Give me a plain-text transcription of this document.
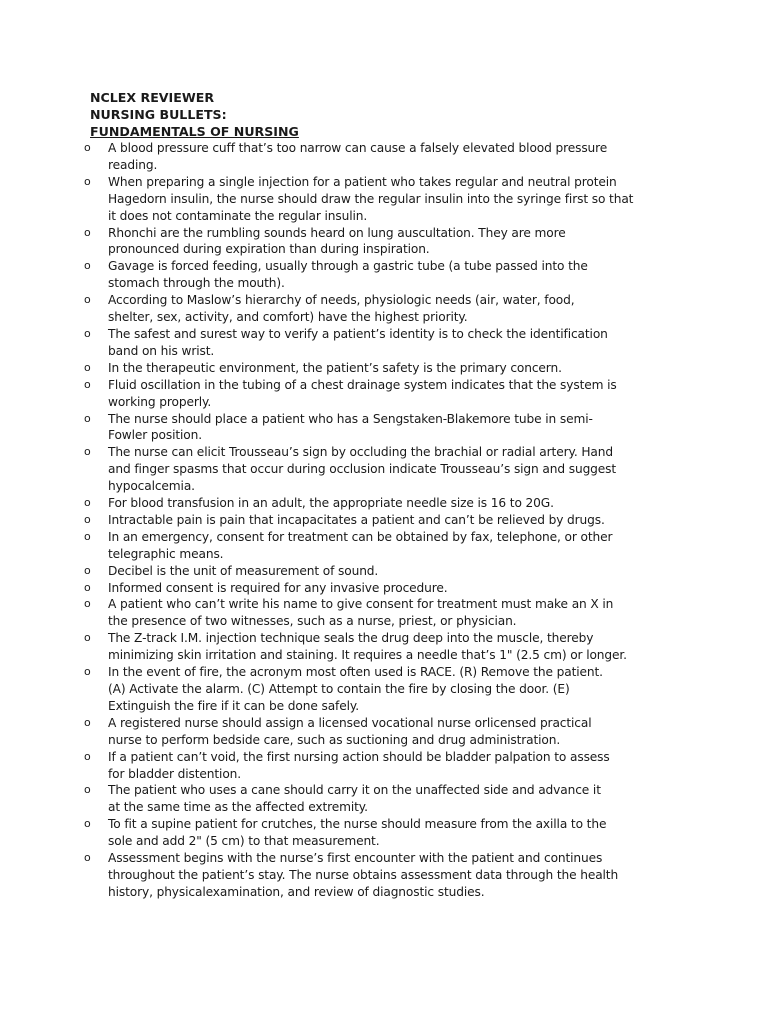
NCLEX REVIEWER
NURSING BULLETS:
FUNDAMENTALS OF NURSING
o A blood pressure cuff that’s too narrow can cause a falsely elevated blood pressure
reading.
o When preparing a single injection for a patient who takes regular and neutral protein
Hagedorn insulin, the nurse should draw the regular insulin into the syringe first so that
it does not contaminate the regular insulin.
o Rhonchi are the rumbling sounds heard on lung auscultation. They are more
pronounced during expiration than during inspiration.
o Gavage is forced feeding, usually through a gastric tube (a tube passed into the
stomach through the mouth).
o According to Maslow’s hierarchy of needs, physiologic needs (air, water, food,
shelter, sex, activity, and comfort) have the highest priority.
o The safest and surest way to verify a patient’s identity is to check the identification
band on his wrist.
o In the therapeutic environment, the patient’s safety is the primary concern.
o Fluid oscillation in the tubing of a chest drainage system indicates that the system is
working properly.
o The nurse should place a patient who has a Sengstaken-Blakemore tube in semi-
Fowler position.
o The nurse can elicit Trousseau’s sign by occluding the brachial or radial artery. Hand
and finger spasms that occur during occlusion indicate Trousseau’s sign and suggest
hypocalcemia.
o For blood transfusion in an adult, the appropriate needle size is 16 to 20G.
o Intractable pain is pain that incapacitates a patient and can’t be relieved by drugs.
o In an emergency, consent for treatment can be obtained by fax, telephone, or other
telegraphic means.
o Decibel is the unit of measurement of sound.
o Informed consent is required for any invasive procedure.
o A patient who can’t write his name to give consent for treatment must make an X in
the presence of two witnesses, such as a nurse, priest, or physician.
o The Z-track I.M. injection technique seals the drug deep into the muscle, thereby
minimizing skin irritation and staining. It requires a needle that’s 1" (2.5 cm) or longer.
o In the event of fire, the acronym most often used is RACE. (R) Remove the patient.
(A) Activate the alarm. (C) Attempt to contain the fire by closing the door. (E)
Extinguish the fire if it can be done safely.
o A registered nurse should assign a licensed vocational nurse orlicensed practical
nurse to perform bedside care, such as suctioning and drug administration.
o If a patient can’t void, the first nursing action should be bladder palpation to assess
for bladder distention.
o The patient who uses a cane should carry it on the unaffected side and advance it
at the same time as the affected extremity.
o To fit a supine patient for crutches, the nurse should measure from the axilla to the
sole and add 2" (5 cm) to that measurement.
o Assessment begins with the nurse’s first encounter with the patient and continues
throughout the patient’s stay. The nurse obtains assessment data through the health
history, physicalexamination, and review of diagnostic studies.
